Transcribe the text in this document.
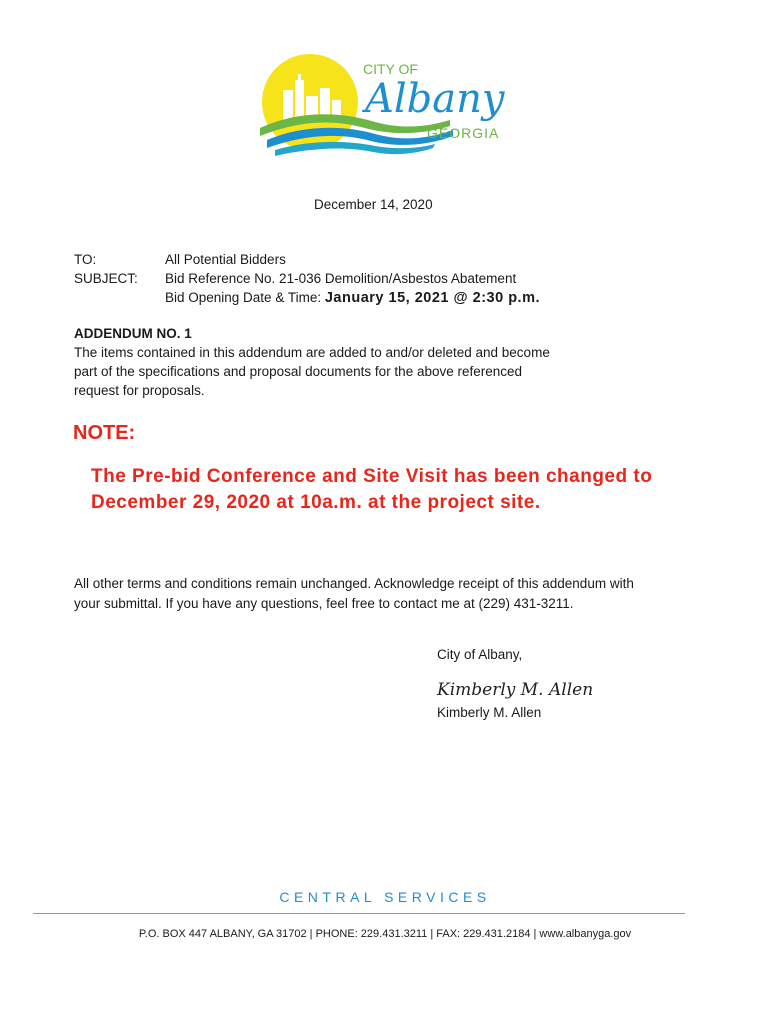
CITY OF
Albany
GEORGIA
December 14, 2020
TO:	All Potential Bidders
SUBJECT: Bid Reference No. 21-036 Demolition/Asbestos Abatement
Bid Opening Date & Time: January 15, 2021 @ 2:30 p.m.
ADDENDUM NO. 1
The items contained in this addendum are added to and/or deleted and become
part of the specifications and proposal documents for the above referenced
request for proposals.
NOTE:
The Pre-bid Conference and Site Visit has been changed to
December 29, 2020 at 10a.m. at the project site.
All other terms and conditions remain unchanged. Acknowledge receipt of this addendum with
your submittal. If you have any questions, feel free to contact me at (229) 431-3211.
City of Albany,
Kimberly M. Allen
Kimberly M. Allen
CENTRAL SERVICES
P.O. BOX 447 ALBANY, GA 31702 | PHONE: 229.431.3211 | FAX: 229.431.2184 | www.albanyga.gov
